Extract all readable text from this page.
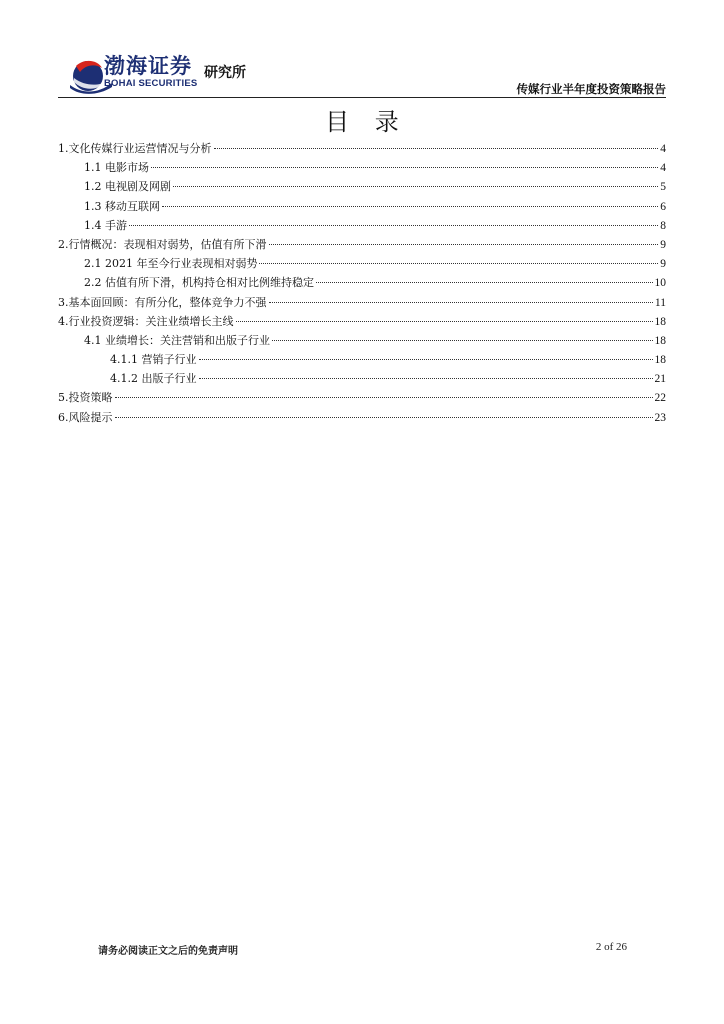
渤海证券
BOHAI SECURITIES
研究所
传媒行业半年度投资策略报告
目 录
1.文化传媒行业运营情况与分析	4
1.1 电影市场	4
1.2 电视剧及网剧	5
1.3 移动互联网	6
1.4 手游	8
2.行情概况：表现相对弱势，估值有所下滑	9
2.1 2021 年至今行业表现相对弱势	9
2.2 估值有所下滑，机构持仓相对比例维持稳定	10
3.基本面回顾：有所分化，整体竞争力不强	11
4.行业投资逻辑：关注业绩增长主线	18
4.1 业绩增长：关注营销和出版子行业	18
4.1.1 营销子行业	18
4.1.2 出版子行业	21
5.投资策略	22
6.风险提示	23
请务必阅读正文之后的免责声明	2 of 26
